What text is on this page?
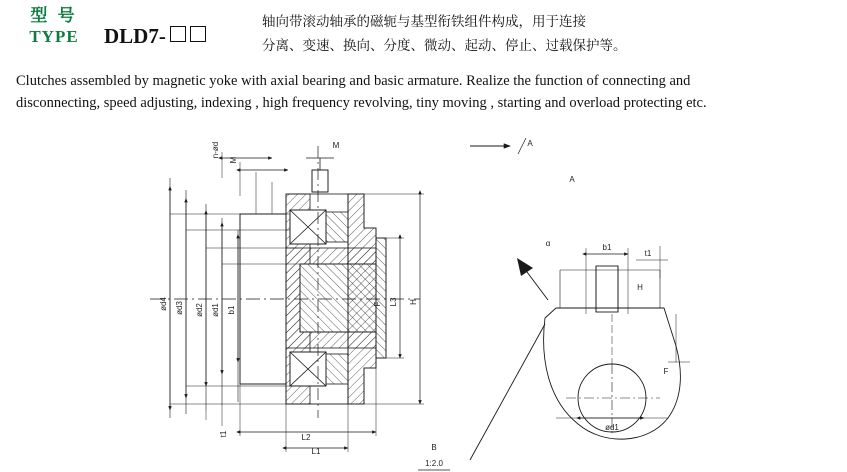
型 号
TYPE	DLD7-
轴向带滚动轴承的磁轭与基型衔铁组件构成，用于连接
分离、变速、换向、分度、微动、起动、停止、过载保护等。
Clutches assembled by magnetic yoke with axial bearing and basic armature. Realize the function of connecting and
disconnecting, speed adjusting, indexing , high frequency revolving, tiny moving , starting and overload protecting etc.
ød4 ød3 ød2 ød1 b1
n-ød
M
t1
L1
L2
L3 H
F
M
A
b1
t1
H
ød1
α
F
B
1:2.0
A
